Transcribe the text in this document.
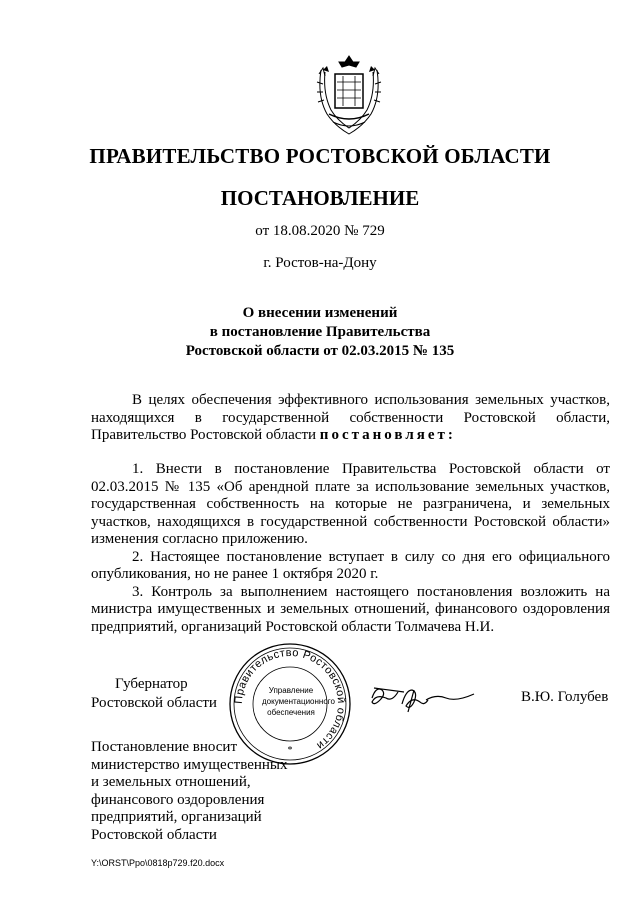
ПРАВИТЕЛЬСТВО РОСТОВСКОЙ ОБЛАСТИ
ПОСТАНОВЛЕНИЕ
от 18.08.2020 № 729
г. Ростов-на-Дону
О внесении изменений
в постановление Правительства
Ростовской области от 02.03.2015 № 135

В целях обеспечения эффективного использования земельных участков, находящихся в государственной собственности Ростовской области, Правительство Ростовской области постановляет:

1. Внести в постановление Правительства Ростовской области от 02.03.2015 № 135 «Об арендной плате за использование земельных участков, государственная собственность на которые не разграничена, и земельных участков, находящихся в государственной собственности Ростовской области» изменения согласно приложению.

2. Настоящее постановление вступает в силу со дня его официального опубликования, но не ранее 1 октября 2020 г.

3. Контроль за выполнением настоящего постановления возложить на министра имущественных и земельных отношений, финансового оздоровления предприятий, организаций Ростовской области Толмачева Н.И.

Губернатор
Ростовской области	Правительство Ростовской области
*
Управление
документационного
обеспечения
В.Ю. Голубев
Постановление вносит
министерство имущественных
и земельных отношений,
финансового оздоровления
предприятий, организаций
Ростовской области
Y:\ORST\Ppo\0818p729.f20.docx
